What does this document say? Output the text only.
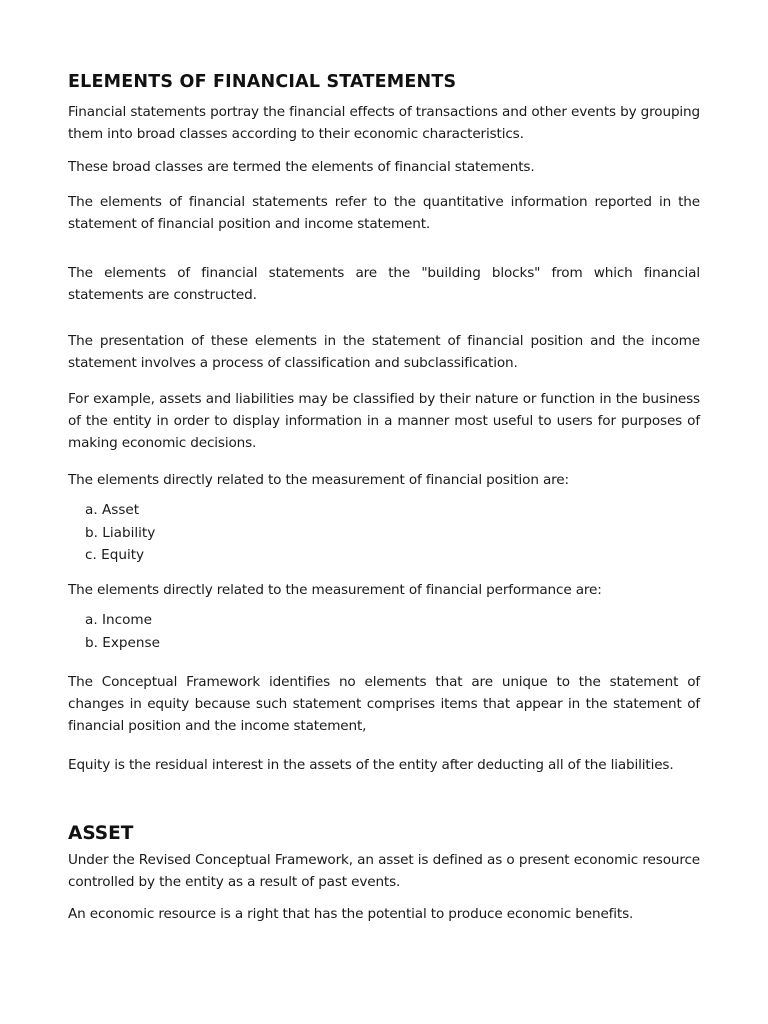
ELEMENTS OF FINANCIAL STATEMENTS

Financial statements portray the financial effects of transactions and other events by grouping them into broad classes according to their economic characteristics.

These broad classes are termed the elements of financial statements.

The elements of financial statements refer to the quantitative information reported in the statement of financial position and income statement.

The elements of financial statements are the "building blocks" from which financial statements are constructed.

The presentation of these elements in the statement of financial position and the income statement involves a process of classification and subclassification.

For example, assets and liabilities may be classified by their nature or function in the business of the entity in order to display information in a manner most useful to users for purposes of making economic decisions.

The elements directly related to the measurement of financial position are:

a. Asset
b. Liability
c. Equity

The elements directly related to the measurement of financial performance are:

a. Income
b. Expense

The Conceptual Framework identifies no elements that are unique to the statement of changes in equity because such statement comprises items that appear in the statement of financial position and the income statement,

Equity is the residual interest in the assets of the entity after deducting all of the liabilities.

ASSET

Under the Revised Conceptual Framework, an asset is defined as o present economic resource controlled by the entity as a result of past events.

An economic resource is a right that has the potential to produce economic benefits.
